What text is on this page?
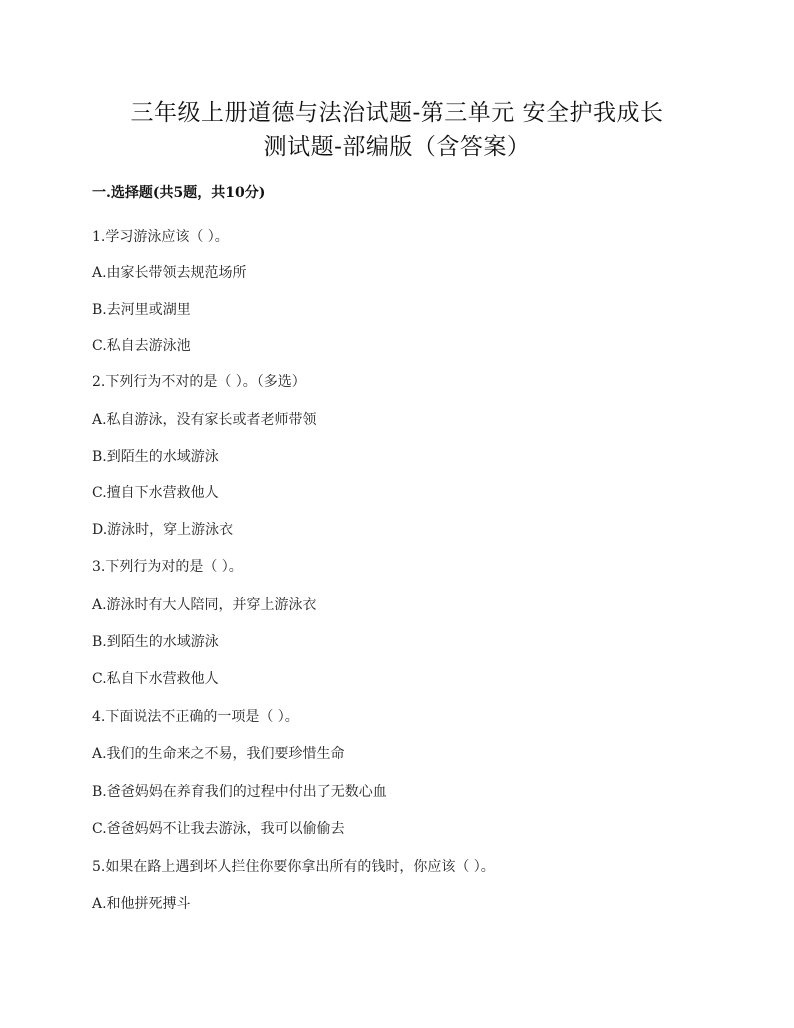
三年级上册道德与法治试题-第三单元 安全护我成长
测试题-部编版（含答案）
一.选择题(共5题，共10分)
1.学习游泳应该（ ）。
A.由家长带领去规范场所
B.去河里或湖里
C.私自去游泳池
2.下列行为不对的是（ ）。（多选）
A.私自游泳，没有家长或者老师带领
B.到陌生的水域游泳
C.擅自下水营救他人
D.游泳时，穿上游泳衣
3.下列行为对的是（ ）。
A.游泳时有大人陪同，并穿上游泳衣
B.到陌生的水域游泳
C.私自下水营救他人
4.下面说法不正确的一项是（ ）。
A.我们的生命来之不易，我们要珍惜生命
B.爸爸妈妈在养育我们的过程中付出了无数心血
C.爸爸妈妈不让我去游泳，我可以偷偷去
5.如果在路上遇到坏人拦住你要你拿出所有的钱时，你应该（ ）。
A.和他拼死搏斗
